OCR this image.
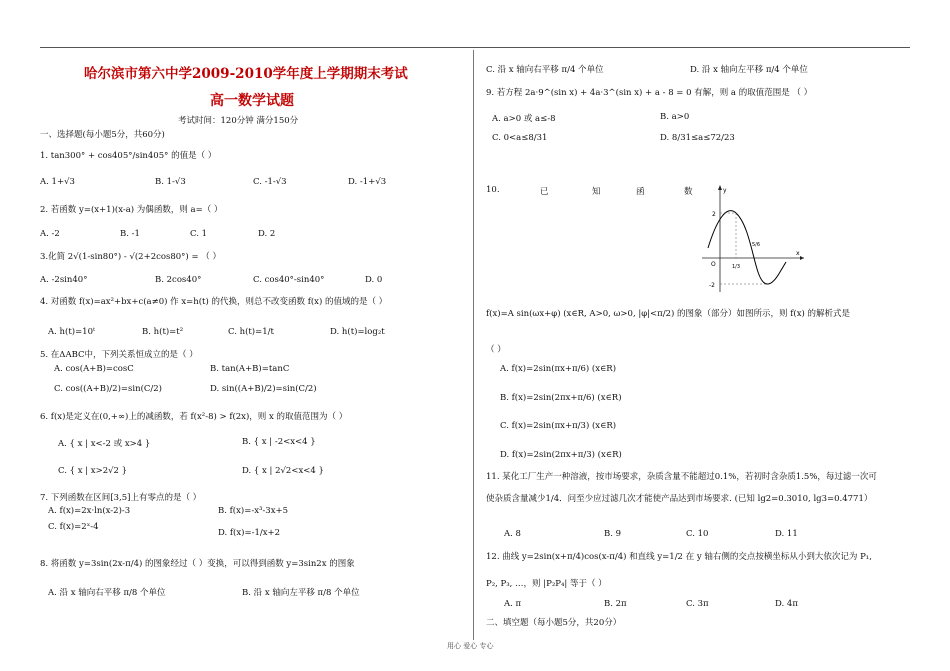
哈尔滨市第六中学2009-2010学年度上学期期末考试
高一数学试题
考试时间：120分钟 满分150分
一、选择题(每小题5分，共60分)
1. tan300° + cos405°/sin405° 的值是（ ）
A. 1+√3	B. 1-√3	C. -1-√3	D. -1+√3
2. 若函数 y=(x+1)(x-a) 为偶函数，则 a=（ ）
A. -2	B. -1	C. 1	D. 2
3.化简 2√(1-sin80°) - √(2+2cos80°) = （ ）
A. -2sin40°	B. 2cos40°	C. cos40°-sin40°	D. 0
4. 对函数 f(x)=ax²+bx+c(a≠0) 作 x=h(t) 的代换，则总不改变函数 f(x) 的值域的是（ ）
A. h(t)=10ᵗ	B. h(t)=t²	C. h(t)=1/t	D. h(t)=log₂t
5. 在ΔABC中，下列关系恒成立的是（ ）
A. cos(A+B)=cosC	B. tan(A+B)=tanC
C. cos((A+B)/2)=sin(C/2)	D. sin((A+B)/2)=sin(C/2)
6. f(x)是定义在(0,+∞)上的减函数，若 f(x²-8) > f(2x)，则 x 的取值范围为（ ）
A. { x | x<-2 或 x>4 }	B. { x | -2<x<4 }
C. { x | x>2√2 }	D. { x | 2√2<x<4 }
7. 下列函数在区间[3,5]上有零点的是（ ）
A. f(x)=2x·ln(x-2)-3	B. f(x)=-x³-3x+5
C. f(x)=2ˣ-4
D. f(x)=-1/x+2
8. 将函数 y=3sin(2x-π/4) 的图象经过（ ）变换，可以得到函数 y=3sin2x 的图象
A. 沿 x 轴向右平移 π/8 个单位	B. 沿 x 轴向左平移 π/8 个单位
C. 沿 x 轴向右平移 π/4 个单位	D. 沿 x 轴向左平移 π/4 个单位
9. 若方程 2a·9^(sin x) + 4a·3^(sin x) + a - 8 = 0 有解，则 a 的取值范围是 （ ）
A. a>0 或 a≤-8	B. a>0
C. 0<a≤8/31	D. 8/31≤a≤72/23
10.	已	知	函	数
2
-2
O	1/3
5/6
x
y
f(x)=A sin(ωx+φ) (x∈R, A>0, ω>0, |φ|<π/2) 的图象（部分）如图所示，则 f(x) 的解析式是
（ ）
A. f(x)=2sin(πx+π/6) (x∈R)
B. f(x)=2sin(2πx+π/6) (x∈R)
C. f(x)=2sin(πx+π/3) (x∈R)
D. f(x)=2sin(2πx+π/3) (x∈R)
11. 某化工厂生产一种溶液，按市场要求，杂质含量不能超过0.1%，若初时含杂质1.5%，每过滤一次可
使杂质含量减少1/4．问至少应过滤几次才能使产品达到市场要求. (已知 lg2=0.3010, lg3=0.4771）
A. 8	B. 9	C. 10	D. 11
12. 曲线 y=2sin(x+π/4)cos(x-π/4) 和直线 y=1/2 在 y 轴右侧的交点按横坐标从小到大依次记为 P₁,
P₂, P₃, …，则 |P₂P₄| 等于（ ）
A. π	B. 2π	C. 3π	D. 4π
二、填空题（每小题5分，共20分）
用心 爱心 专心
